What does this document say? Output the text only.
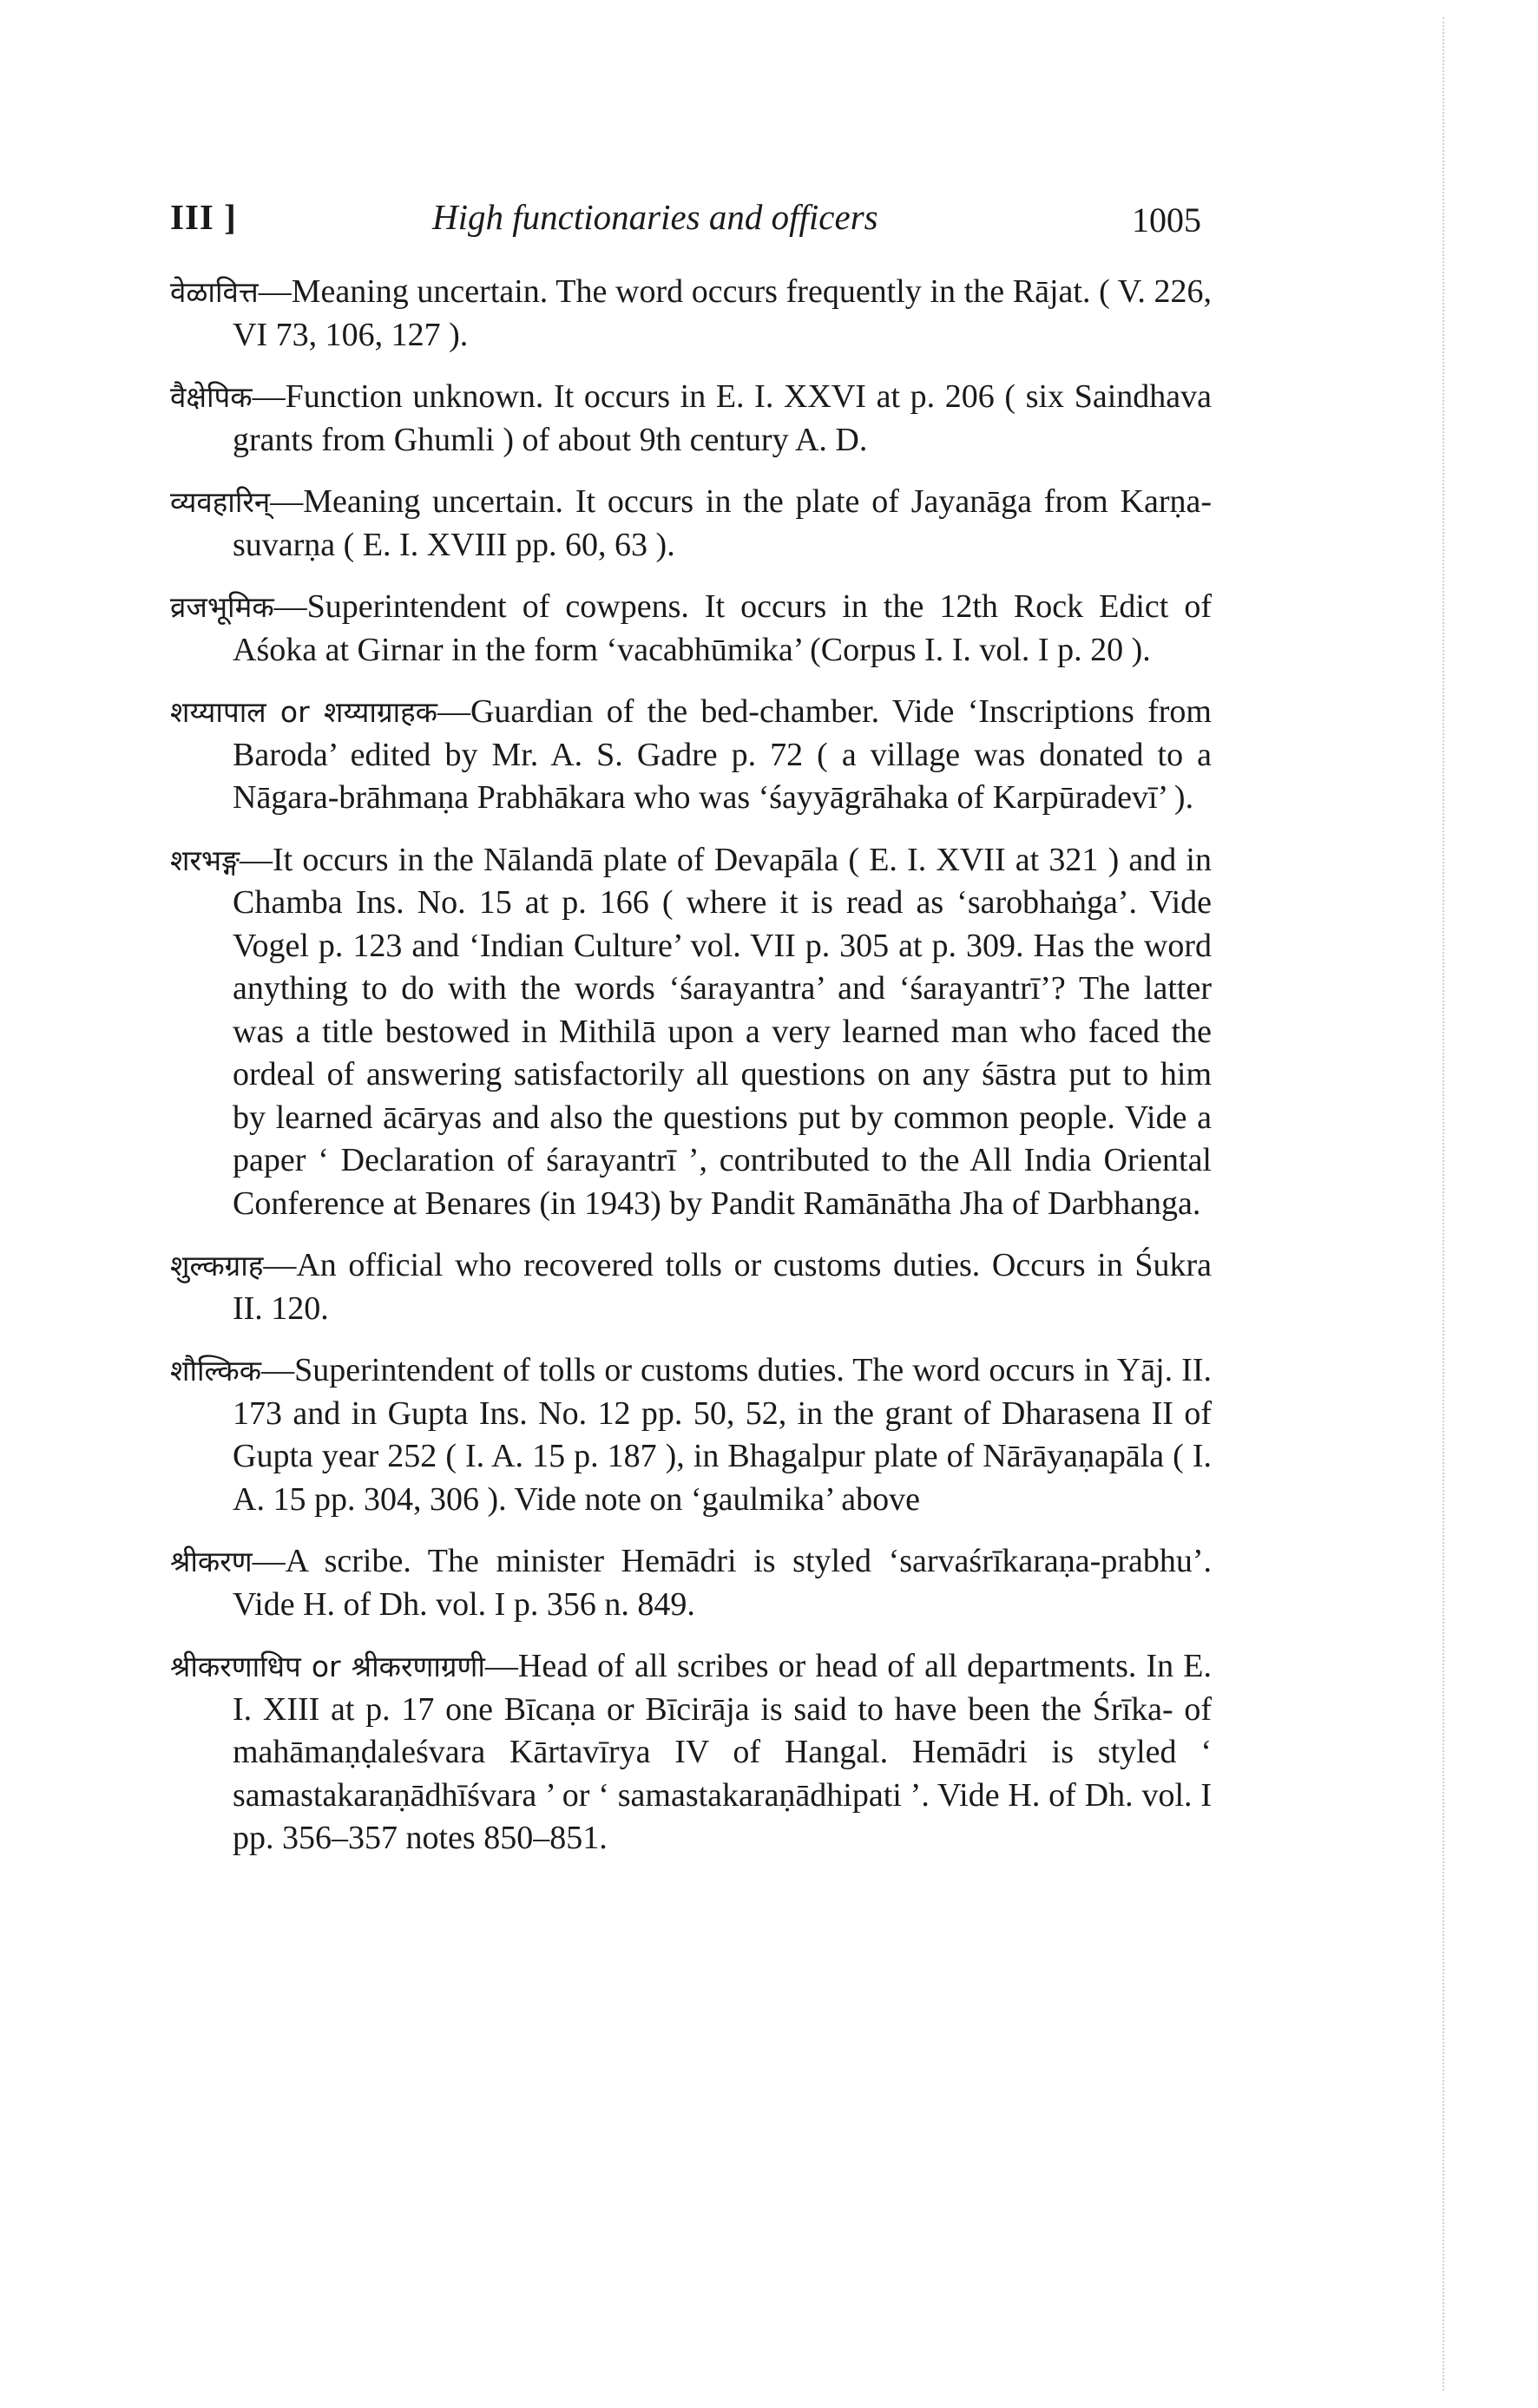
III ]	High functionaries and officers	1005

वेळावित्त—Meaning uncertain. The word occurs frequently in the Rājat. ( V. 226, VI 73, 106, 127 ).

वैक्षेपिक—Function unknown. It occurs in E. I. XXVI at p. 206 ( six Saindhava grants from Ghumli ) of about 9th century A. D.

व्यवहारिन्—Meaning uncertain. It occurs in the plate of Jayanāga from Karṇa-suvarṇa ( E. I. XVIII pp. 60, 63 ).

व्रजभूमिक—Superintendent of cowpens. It occurs in the 12th Rock Edict of Aśoka at Girnar in the form ‘vacabhūmika’ (Corpus I. I. vol. I p. 20 ).

शय्यापाल or शय्याग्राहक—Guardian of the bed-chamber. Vide ‘Inscriptions from Baroda’ edited by Mr. A. S. Gadre p. 72 ( a village was donated to a Nāgara-brāhmaṇa Prabhākara who was ‘śayyāgrāhaka of Karpūradevī’ ).

शरभङ्ग—It occurs in the Nālandā plate of Devapāla ( E. I. XVII at 321 ) and in Chamba Ins. No. 15 at p. 166 ( where it is read as ‘sarobhaṅga’. Vide Vogel p. 123 and ‘Indian Culture’ vol. VII p. 305 at p. 309. Has the word anything to do with the words ‘śarayantra’ and ‘śarayantrī’? The latter was a title bestowed in Mithilā upon a very learned man who faced the ordeal of answering satisfactorily all questions on any śāstra put to him by learned ācāryas and also the questions put by common people. Vide a paper ‘ Declaration of śarayantrī ’, contributed to the All India Oriental Conference at Benares (in 1943) by Pandit Ramānātha Jha of Darbhanga.

शुल्कग्राह—An official who recovered tolls or customs duties. Occurs in Śukra II. 120.

शौल्किक—Superintendent of tolls or customs duties. The word occurs in Yāj. II. 173 and in Gupta Ins. No. 12 pp. 50, 52, in the grant of Dharasena II of Gupta year 252 ( I. A. 15 p. 187 ), in Bhagalpur plate of Nārāyaṇapāla ( I. A. 15 pp. 304, 306 ). Vide note on ‘gaulmika’ above

श्रीकरण—A scribe. The minister Hemādri is styled ‘sarvaśrīkaraṇa-prabhu’. Vide H. of Dh. vol. I p. 356 n. 849.

श्रीकरणाधिप or श्रीकरणाग्रणी—Head of all scribes or head of all departments. In E. I. XIII at p. 17 one Bīcaṇa or Bīcirāja is said to have been the Śrīka- of mahāmaṇḍaleśvara Kārtavīrya IV of Hangal. Hemādri is styled ‘ samastakaraṇādhīśvara ’ or ‘ samastakaraṇādhipati ’. Vide H. of Dh. vol. I pp. 356–357 notes 850–851.
